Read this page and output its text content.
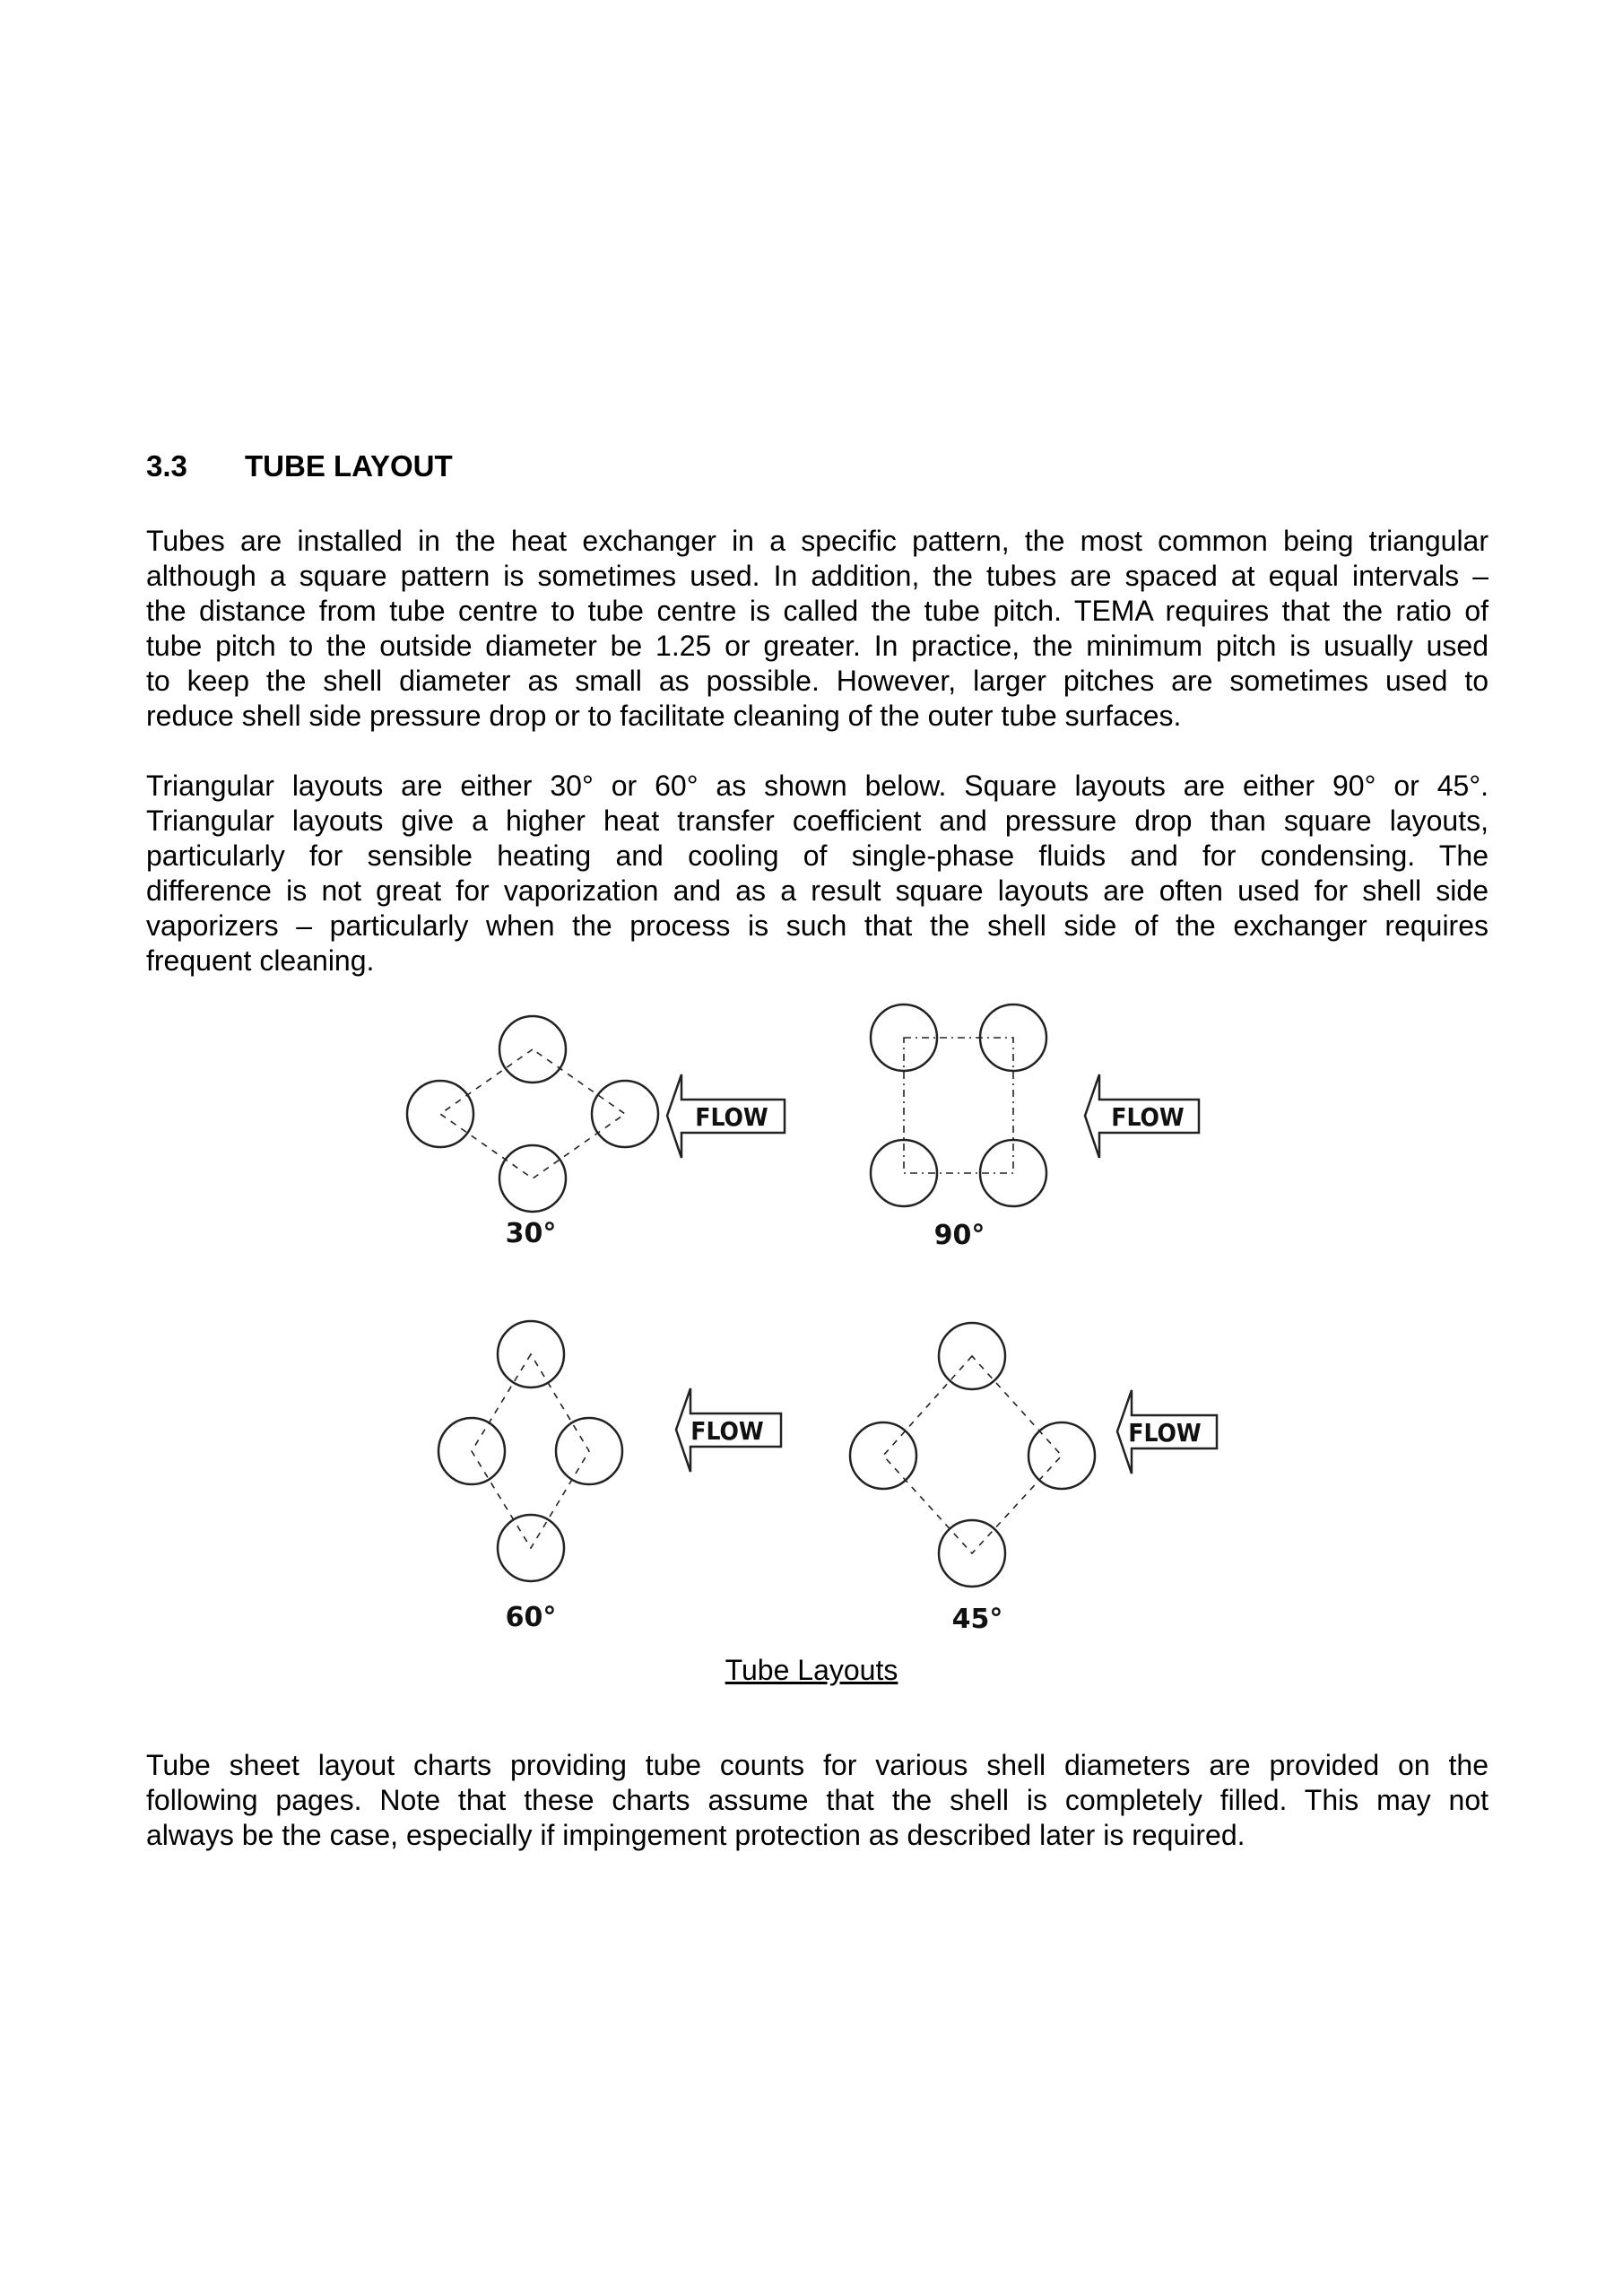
3.3 TUBE LAYOUT

Tubes are installed in the heat exchanger in a specific pattern, the most common being triangular
although a square pattern is sometimes used. In addition, the tubes are spaced at equal intervals –
the distance from tube centre to tube centre is called the tube pitch. TEMA requires that the ratio of
tube pitch to the outside diameter be 1.25 or greater. In practice, the minimum pitch is usually used
to keep the shell diameter as small as possible. However, larger pitches are sometimes used to
reduce shell side pressure drop or to facilitate cleaning of the outer tube surfaces.

Triangular layouts are either 30° or 60° as shown below. Square layouts are either 90° or 45°.
Triangular layouts give a higher heat transfer coefficient and pressure drop than square layouts,
particularly for sensible heating and cooling of single-phase fluids and for condensing. The
difference is not great for vaporization and as a result square layouts are often used for shell side
vaporizers – particularly when the process is such that the shell side of the exchanger requires
frequent cleaning.

FLOW	FLOW
FLOW	FLOW
30°	90°
60°	45°
Tube Layouts

Tube sheet layout charts providing tube counts for various shell diameters are provided on the
following pages. Note that these charts assume that the shell is completely filled. This may not
always be the case, especially if impingement protection as described later is required.
